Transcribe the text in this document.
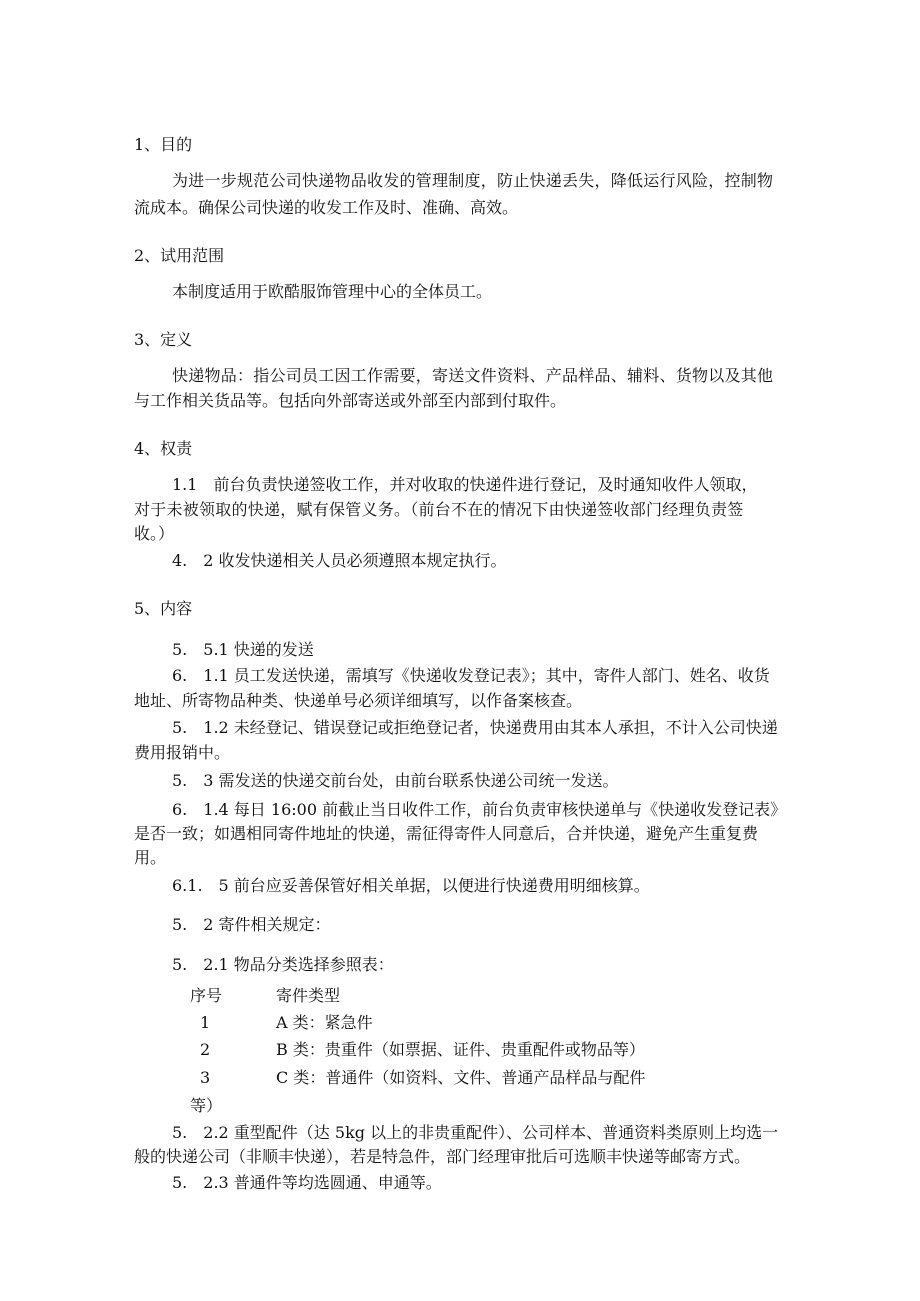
1、目的
为进一步规范公司快递物品收发的管理制度，防止快递丢失，降低运行风险，控制物
流成本。确保公司快递的收发工作及时、准确、高效。
2、试用范围
本制度适用于欧酷服饰管理中心的全体员工。
3、定义
快递物品：指公司员工因工作需要，寄送文件资料、产品样品、辅料、货物以及其他
与工作相关货品等。包括向外部寄送或外部至内部到付取件。
4、权责
1.1　前台负责快递签收工作，并对收取的快递件进行登记，及时通知收件人领取，
对于未被领取的快递，赋有保管义务。（前台不在的情况下由快递签收部门经理负责签
收。）
4.　2 收发快递相关人员必须遵照本规定执行。
5、内容
5.　5.1 快递的发送
6.　1.1 员工发送快递，需填写《快递收发登记表》；其中，寄件人部门、姓名、收货
地址、所寄物品种类、快递单号必须详细填写，以作备案核查。
5.　1.2 未经登记、错误登记或拒绝登记者，快递费用由其本人承担，不计入公司快递
费用报销中。
5.　3 需发送的快递交前台处，由前台联系快递公司统一发送。
6.　1.4 每日 16:00 前截止当日收件工作，前台负责审核快递单与《快递收发登记表》
是否一致；如遇相同寄件地址的快递，需征得寄件人同意后，合并快递，避免产生重复费
用。
6.1.　5 前台应妥善保管好相关单据，以便进行快递费用明细核算。
5.　2 寄件相关规定：
5.　2.1 物品分类选择参照表：
序号	寄件类型
1	A 类：紧急件
2	B 类：贵重件（如票据、证件、贵重配件或物品等）
3	C 类：普通件（如资料、文件、普通产品样品与配件
等）
5.　2.2 重型配件（达 5kg 以上的非贵重配件）、公司样本、普通资料类原则上均选一
般的快递公司（非顺丰快递），若是特急件，部门经理审批后可选顺丰快递等邮寄方式。
5.　2.3 普通件等均选圆通、申通等。
